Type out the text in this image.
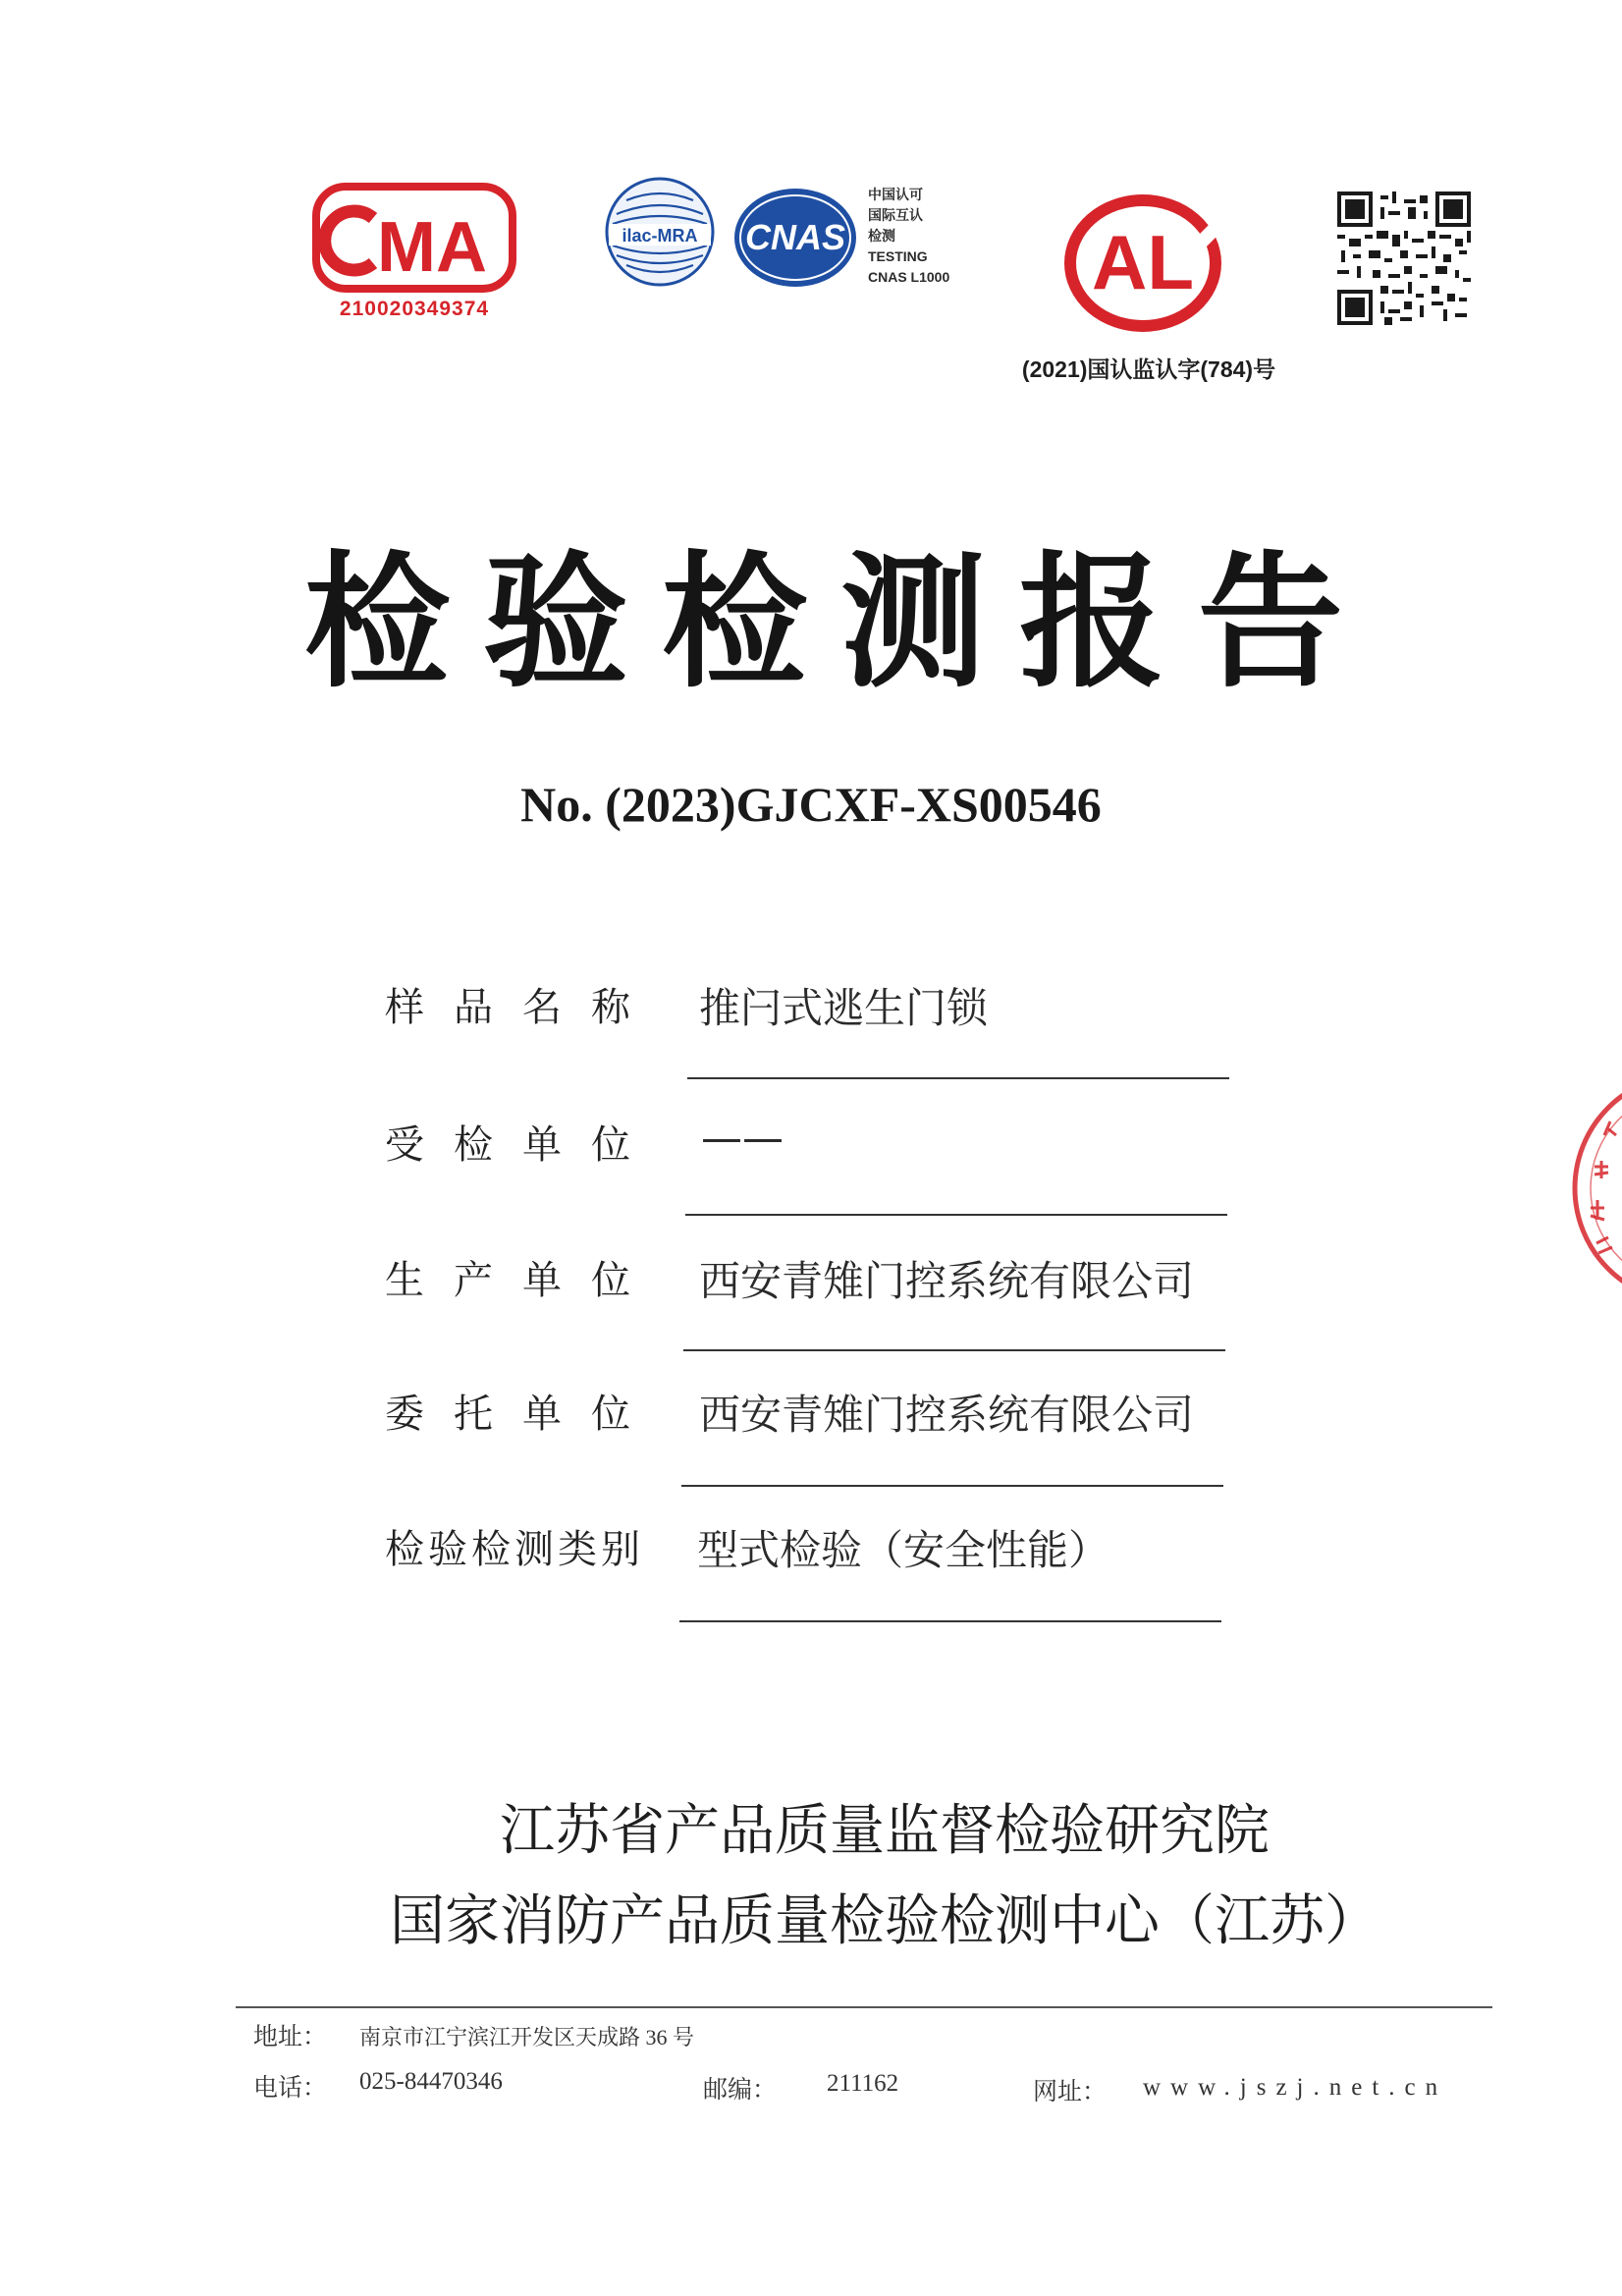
MA
210020349374
ilac-MRA CNAS
中国认可
国际互认
检测
TESTING
CNAS L1000	AL
(2021)国认监认字(784)号
检验检测报告
No. (2023)GJCXF-XS00546
样品名称 推闩式逃生门锁
受检单位 ——
生产单位 西安青雉门控系统有限公司
委托单位 西安青雉门控系统有限公司
检验检测类别	型式检验（安全性能）
江苏省产品质量监督检验研究院
国家消防产品质量检验检测中心（江苏）
地址： 南京市江宁滨江开发区天成路 36 号
电话： 025-84470346	邮编： 211162	网址： www.jszj.net.cn
